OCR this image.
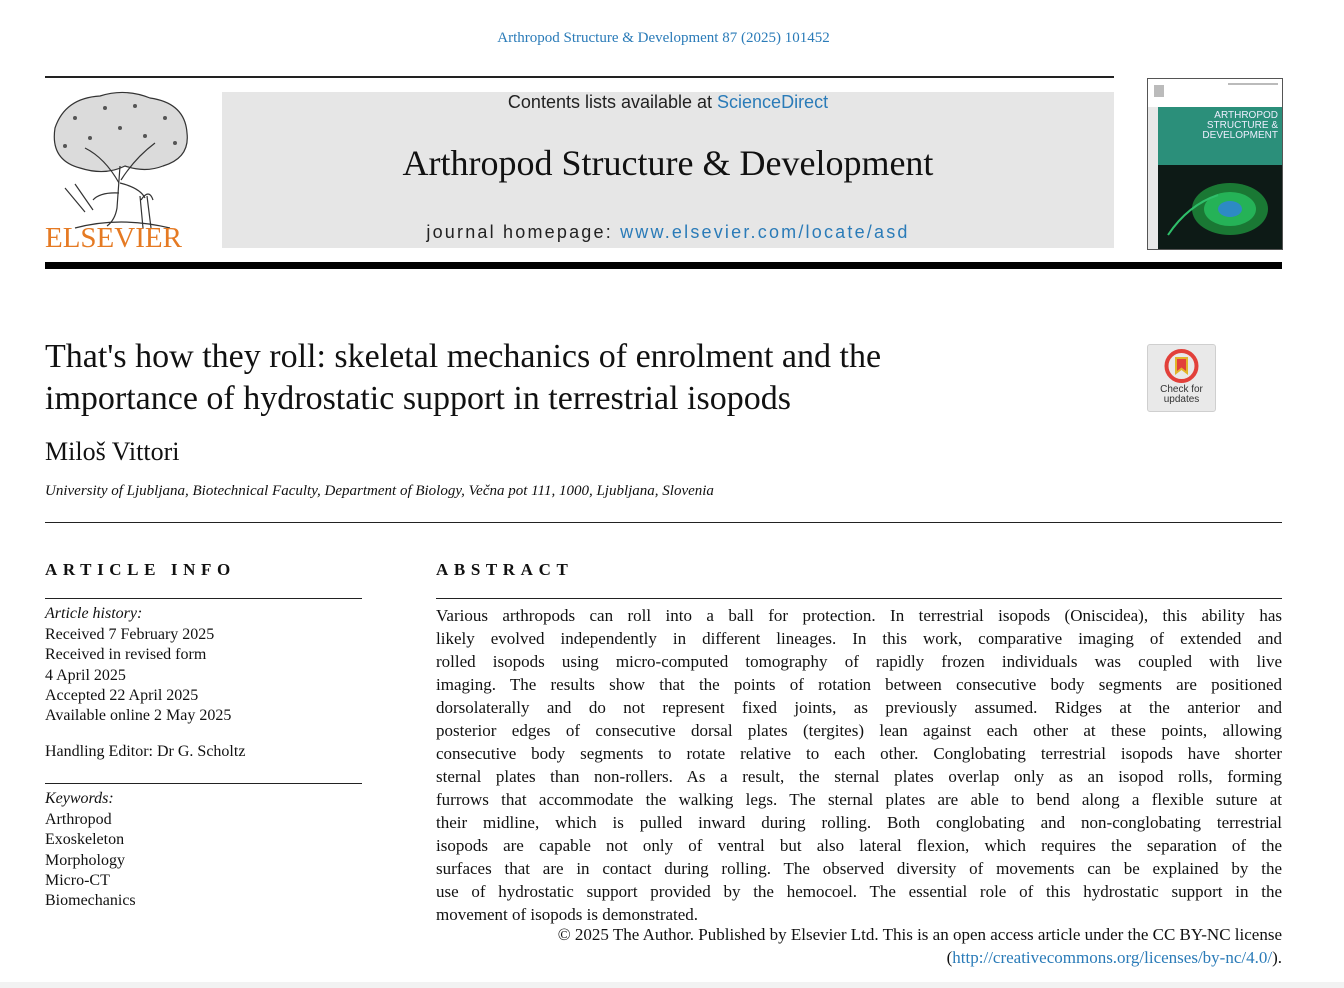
Arthropod Structure & Development 87 (2025) 101452
ELSEVIER
Contents lists available at ScienceDirect
Arthropod Structure & Development
journal homepage: www.elsevier.com/locate/asd
ARTHROPOD
STRUCTURE &
DEVELOPMENT
That's how they roll: skeletal mechanics of enrolment and the
importance of hydrostatic support in terrestrial isopods	Check for
updates
Miloš Vittori
University of Ljubljana, Biotechnical Faculty, Department of Biology, Večna pot 111, 1000, Ljubljana, Slovenia
ARTICLE INFO
Article history:
Received 7 February 2025
Received in revised form
4 April 2025
Accepted 22 April 2025
Available online 2 May 2025
Handling Editor: Dr G. Scholtz
Keywords:
Arthropod
Exoskeleton
Morphology
Micro-CT
Biomechanics
ABSTRACT
Various arthropods can roll into a ball for protection. In terrestrial isopods (Oniscidea), this ability has
likely evolved independently in different lineages. In this work, comparative imaging of extended and
rolled isopods using micro-computed tomography of rapidly frozen individuals was coupled with live
imaging. The results show that the points of rotation between consecutive body segments are positioned
dorsolaterally and do not represent fixed joints, as previously assumed. Ridges at the anterior and
posterior edges of consecutive dorsal plates (tergites) lean against each other at these points, allowing
consecutive body segments to rotate relative to each other. Conglobating terrestrial isopods have shorter
sternal plates than non-rollers. As a result, the sternal plates overlap only as an isopod rolls, forming
furrows that accommodate the walking legs. The sternal plates are able to bend along a flexible suture at
their midline, which is pulled inward during rolling. Both conglobating and non-conglobating terrestrial
isopods are capable not only of ventral but also lateral flexion, which requires the separation of the
surfaces that are in contact during rolling. The observed diversity of movements can be explained by the
use of hydrostatic support provided by the hemocoel. The essential role of this hydrostatic support in the
movement of isopods is demonstrated.
© 2025 The Author. Published by Elsevier Ltd. This is an open access article under the CC BY-NC license
(http://creativecommons.org/licenses/by-nc/4.0/).
